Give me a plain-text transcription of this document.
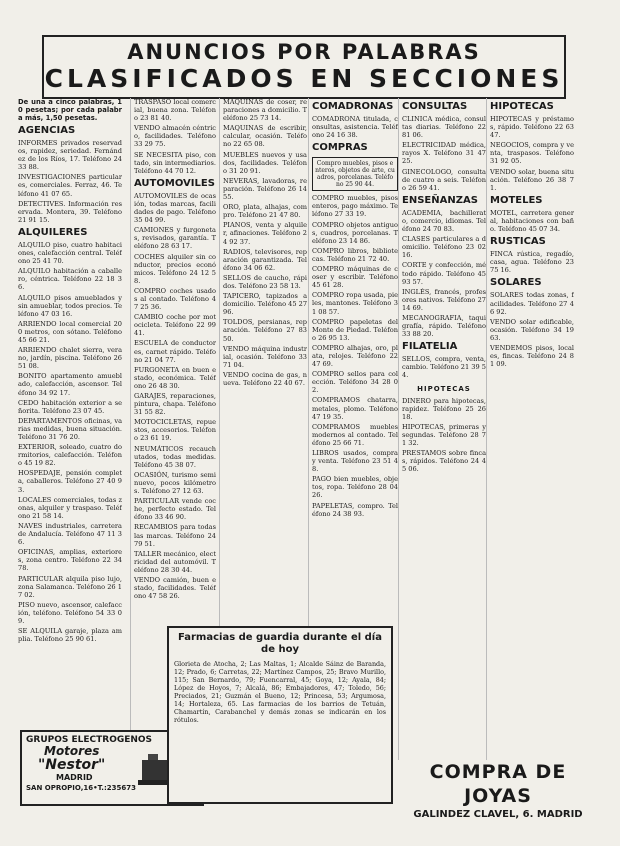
ANUNCIOS POR PALABRAS
CLASIFICADOS EN SECCIONES
De una a cinco palabras, 10 pesetas; por cada palabra más, 1,50 pesetas.
AGENCIAS
INFORMES privados reservados, rapidez, seriedad. Fernández de los Ríos, 17. Teléfono 24 33 88.
INVESTIGACIONES particulares, comerciales. Ferraz, 46. Teléfono 41 07 65.
DETECTIVES. Información reservada. Montera, 39. Teléfono 21 91 15.
ALQUILERES
ALQUILO piso, cuatro habitaciones, calefacción central. Teléfono 25 41 70.
ALQUILO habitación a caballero, céntrica. Teléfono 22 18 36.
ALQUILO pisos amueblados y sin amueblar, todos precios. Teléfono 47 03 16.
ARRIENDO local comercial 200 metros, con sótano. Teléfono 45 66 21.
ARRIENDO chalet sierra, verano, jardín, piscina. Teléfono 26 51 08.
BONITO apartamento amueblado, calefacción, ascensor. Teléfono 34 92 17.
CEDO habitación exterior a señorita. Teléfono 23 07 45.
DEPARTAMENTOS oficinas, varias medidas, buena situación. Teléfono 31 76 20.
EXTERIOR, soleado, cuatro dormitorios, calefacción. Teléfono 45 19 82.
HOSPEDAJE, pensión completa, caballeros. Teléfono 27 40 93.
LOCALES comerciales, todas zonas, alquiler y traspaso. Teléfono 21 58 14.
NAVES industriales, carretera de Andalucía. Teléfono 47 11 36.
OFICINAS, amplias, exteriores, zona centro. Teléfono 22 34 78.
PARTICULAR alquila piso lujo, zona Salamanca. Teléfono 26 17 02.
PISO nuevo, ascensor, calefacción, teléfono. Teléfono 54 33 09.
SE ALQUILA garaje, plaza amplia. Teléfono 25 90 61.
TRASPASO local comercial, buena zona. Teléfono 23 81 40.
VENDO almacén céntrico, facilidades. Teléfono 33 29 75.
SE NECESITA piso, contado, sin intermediarios. Teléfono 44 70 12.
AUTOMOVILES
AUTOMOVILES de ocasión, todas marcas, facilidades de pago. Teléfono 35 04 99.
CAMIONES y furgonetas, revisados, garantía. Teléfono 28 63 17.
COCHES alquiler sin conductor, precios económicos. Teléfono 24 12 58.
COMPRO coches usados al contado. Teléfono 47 25 36.
CAMBIO coche por motocicleta. Teléfono 22 99 41.
ESCUELA de conductores, carnet rápido. Teléfono 21 04 77.
FURGONETA en buen estado, económica. Teléfono 26 48 30.
GARAJES, reparaciones, pintura, chapa. Teléfono 31 55 82.
MOTOCICLETAS, repuestos, accesorios. Teléfono 23 61 19.
NEUMÁTICOS recauchutados, todas medidas. Teléfono 45 38 07.
OCASIÓN, turismo seminuevo, pocos kilómetros. Teléfono 27 12 63.
PARTICULAR vende coche, perfecto estado. Teléfono 33 46 90.
RECAMBIOS para todas las marcas. Teléfono 24 79 51.
TALLER mecánico, electricidad del automóvil. Teléfono 28 30 44.
VENDO camión, buen estado, facilidades. Teléfono 47 58 26.
MAQUINAS de coser, reparaciones a domicilio. Teléfono 25 73 14.
MAQUINAS de escribir, calcular, ocasión. Teléfono 22 65 08.
MUEBLES nuevos y usados, facilidades. Teléfono 31 20 91.
NEVERAS, lavadoras, reparación. Teléfono 26 14 55.
ORO, plata, alhajas, compro. Teléfono 21 47 80.
PIANOS, venta y alquiler, afinaciones. Teléfono 24 92 37.
RADIOS, televisores, reparación garantizada. Teléfono 34 06 62.
SELLOS de caucho, rápidos. Teléfono 23 58 13.
TAPICERO, tapizados a domicilio. Teléfono 45 27 96.
TOLDOS, persianas, reparación. Teléfono 27 83 50.
VENDO máquina industrial, ocasión. Teléfono 33 71 04.
VENDO cocina de gas, nueva. Teléfono 22 40 67.
COMADRONAS
COMADRONA titulada, consultas, asistencia. Teléfono 24 16 38.
COMPRAS
Compro muebles, pisos enteros, objetos de arte, cuadros, porcelanas. Teléfono 25 90 44.
COMPRO muebles, pisos enteros, pago máximo. Teléfono 27 33 19.
COMPRO objetos antiguos, cuadros, porcelanas. Teléfono 23 14 86.
COMPRO libros, bibliotecas. Teléfono 21 72 40.
COMPRO máquinas de coser y escribir. Teléfono 45 61 28.
COMPRO ropa usada, pieles, mantones. Teléfono 31 08 57.
COMPRO papeletas del Monte de Piedad. Teléfono 26 95 13.
COMPRO alhajas, oro, plata, relojes. Teléfono 22 47 69.
COMPRO sellos para colección. Teléfono 34 28 02.
COMPRAMOS chatarra, metales, plomo. Teléfono 47 19 35.
COMPRAMOS muebles modernos al contado. Teléfono 25 66 71.
LIBROS usados, compra y venta. Teléfono 23 51 48.
PAGO bien muebles, objetos, ropa. Teléfono 28 04 26.
PAPELETAS, compro. Teléfono 24 38 93.
CONSULTAS
CLINICA médica, consultas diarias. Teléfono 22 81 06.
ELECTRICIDAD médica, rayos X. Teléfono 31 47 25.
GINECOLOGO, consulta de cuatro a seis. Teléfono 26 59 41.
ENSEÑANZAS
ACADEMIA, bachillerato, comercio, idiomas. Teléfono 24 70 83.
CLASES particulares a domicilio. Teléfono 23 02 16.
CORTE y confección, método rápido. Teléfono 45 93 57.
INGLÉS, francés, profesores nativos. Teléfono 27 14 69.
MECANOGRAFIA, taquigrafía, rápido. Teléfono 33 88 20.
FILATELIA
SELLOS, compra, venta, cambio. Teléfono 21 39 54.
HIPOTECAS
DINERO para hipotecas, rapidez. Teléfono 25 26 18.
HIPOTECAS, primeras y segundas. Teléfono 28 71 32.
PRESTAMOS sobre fincas, rápidos. Teléfono 24 45 06.
HIPOTECAS
HIPOTECAS y préstamos, rápido. Teléfono 22 63 47.
NEGOCIOS, compra y venta, traspasos. Teléfono 31 92 05.
VENDO solar, buena situación. Teléfono 26 38 71.
MOTELES
MOTEL, carretera general, habitaciones con baño. Teléfono 45 07 34.
RUSTICAS
FINCA rústica, regadío, casa, agua. Teléfono 23 75 16.
SOLARES
SOLARES todas zonas, facilidades. Teléfono 27 46 92.
VENDO solar edificable, ocasión. Teléfono 34 19 63.
VENDEMOS pisos, locales, fincas. Teléfono 24 81 09.
GRUPOS ELECTROGENOS
Motores
"Nestor"
MADRID
SAN OPROPIO,16•T.:235673
Farmacias de guardia durante el día de hoy
Glorieta de Atocha, 2; Las Maltas, 1; Alcalde Sáinz de Baranda, 12; Prado, 6; Carretas, 22; Martínez Campos, 25; Bravo Murillo, 115; San Bernardo, 79; Fuencarral, 45; Goya, 12; Ayala, 84; López de Hoyos, 7; Alcalá, 86; Embajadores, 47; Toledo, 56; Preciados, 21; Guzmán el Bueno, 12; Princesa, 53; Argumosa, 14; Hortaleza, 65. Las farmacias de los barrios de Tetuán, Chamartín, Carabanchel y demás zonas se indicarán en los rótulos.
COMPRA DE JOYAS
GALINDEZ CLAVEL, 6. MADRID
